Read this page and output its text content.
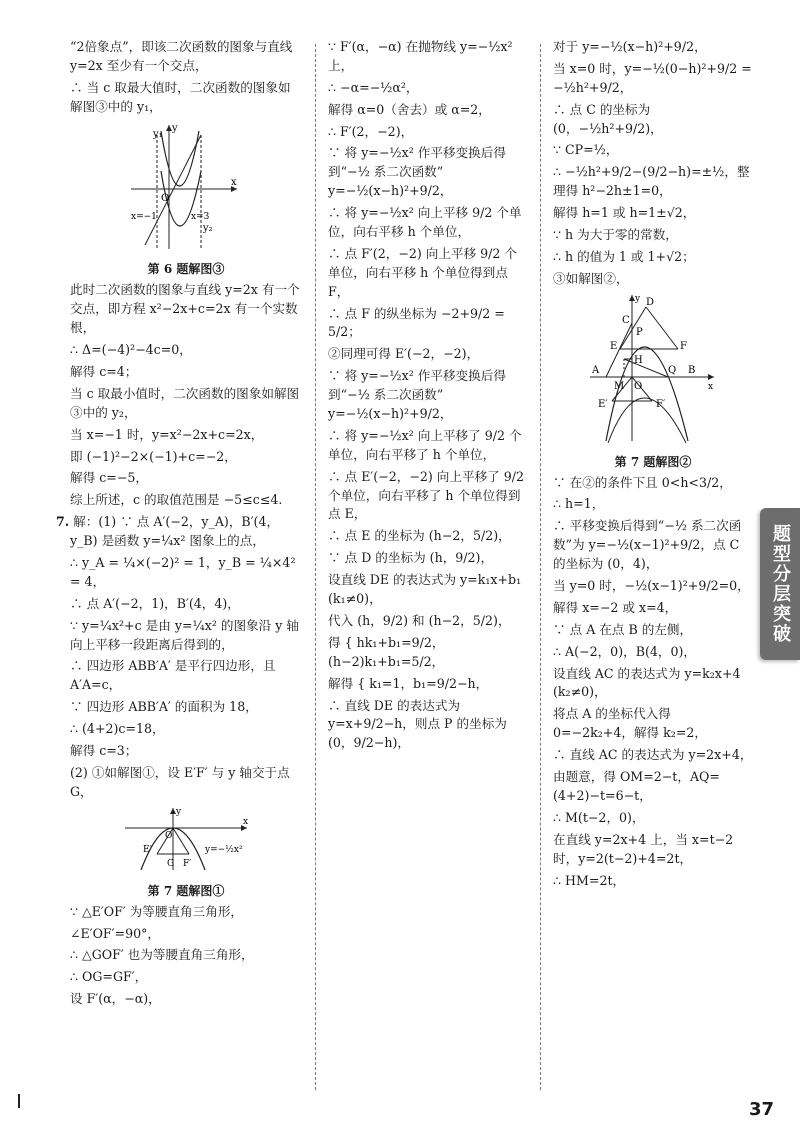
“2倍象点”，即该二次函数的图象与直线 y=2x 至少有一个交点，

∴ 当 c 取最大值时，二次函数的图象如解图③中的 y₁，

y₁
y
O
x
x=−1	x=3
y₂

第 6 题解图③

此时二次函数的图象与直线 y=2x 有一个交点，即方程 x²−2x+c=2x 有一个实数根，

∴ Δ=(−4)²−4c=0，

解得 c=4；

当 c 取最小值时，二次函数的图象如解图③中的 y₂，

当 x=−1 时，y=x²−2x+c=2x，

即 (−1)²−2×(−1)+c=−2，

解得 c=−5，

综上所述，c 的取值范围是 −5≤c≤4.

7. 解：(1) ∵ 点 A′(−2，y_A)，B′(4，y_B) 是函数 y=¼x² 图象上的点，

∴ y_A = ¼×(−2)² = 1，y_B = ¼×4² = 4，

∴ 点 A′(−2，1)，B′(4，4)，

∵ y=¼x²+c 是由 y=¼x² 的图象沿 y 轴向上平移一段距离后得到的，

∴ 四边形 ABB′A′ 是平行四边形，且 A′A=c，

∵ 四边形 ABB′A′ 的面积为 18，

∴ (4+2)c=18，

解得 c=3；

(2) ①如解图①，设 E′F′ 与 y 轴交于点 G，

y
O
x
E′
G F′
y=−½x²

第 7 题解图①

∵ △E′OF′ 为等腰直角三角形，

∠E′OF′=90°，

∴ △GOF′ 也为等腰直角三角形，

∴ OG=GF′，

设 F′(α，−α)，

∵ F′(α，−α) 在抛物线 y=−½x² 上，

∴ −α=−½α²，

解得 α=0（舍去）或 α=2，

∴ F′(2，−2)，

∵ 将 y=−½x² 作平移变换后得到“−½ 系二次函数” y=−½(x−h)²+9/2，

∴ 将 y=−½x² 向上平移 9/2 个单位，向右平移 h 个单位，

∴ 点 F′(2，−2) 向上平移 9/2 个单位，向右平移 h 个单位得到点 F，

∴ 点 F 的纵坐标为 −2+9/2 = 5/2；

②同理可得 E′(−2，−2)，

∵ 将 y=−½x² 作平移变换后得到“−½ 系二次函数” y=−½(x−h)²+9/2，

∴ 将 y=−½x² 向上平移了 9/2 个单位，向右平移了 h 个单位，

∴ 点 E′(−2，−2) 向上平移了 9/2 个单位，向右平移了 h 个单位得到点 E，

∴ 点 E 的坐标为 (h−2，5/2)，

∵ 点 D 的坐标为 (h，9/2)，

设直线 DE 的表达式为 y=k₁x+b₁ (k₁≠0)，

代入 (h，9/2) 和 (h−2，5/2)，

得 { hk₁+b₁=9/2，(h−2)k₁+b₁=5/2，

解得 { k₁=1，b₁=9/2−h，

∴ 直线 DE 的表达式为 y=x+9/2−h，则点 P 的坐标为 (0，9/2−h)，

对于 y=−½(x−h)²+9/2，

当 x=0 时，y=−½(0−h)²+9/2 = −½h²+9/2，

∴ 点 C 的坐标为 (0，−½h²+9/2)，

∵ CP=½，

∴ −½h²+9/2−(9/2−h)=±½，整理得 h²−2h±1=0，

解得 h=1 或 h=1±√2，

∵ h 为大于零的常数，

∴ h 的值为 1 或 1+√2；

③如解图②，

y D
C
P
E	F
H
A
M O
Q B
x
E′	F′

第 7 题解图②

∵ 在②的条件下且 0<h<3/2，

∴ h=1，

∴ 平移变换后得到“−½ 系二次函数”为 y=−½(x−1)²+9/2，点 C 的坐标为 (0，4)，

当 y=0 时，−½(x−1)²+9/2=0，

解得 x=−2 或 x=4，

∵ 点 A 在点 B 的左侧，

∴ A(−2，0)，B(4，0)，

设直线 AC 的表达式为 y=k₂x+4 (k₂≠0)，

将点 A 的坐标代入得 0=−2k₂+4，解得 k₂=2，

∴ 直线 AC 的表达式为 y=2x+4，

由题意，得 OM=2−t，AQ=(4+2)−t=6−t，

∴ M(t−2，0)，

在直线 y=2x+4 上，当 x=t−2 时，y=2(t−2)+4=2t，

∴ HM=2t，

题型分层突破
37
